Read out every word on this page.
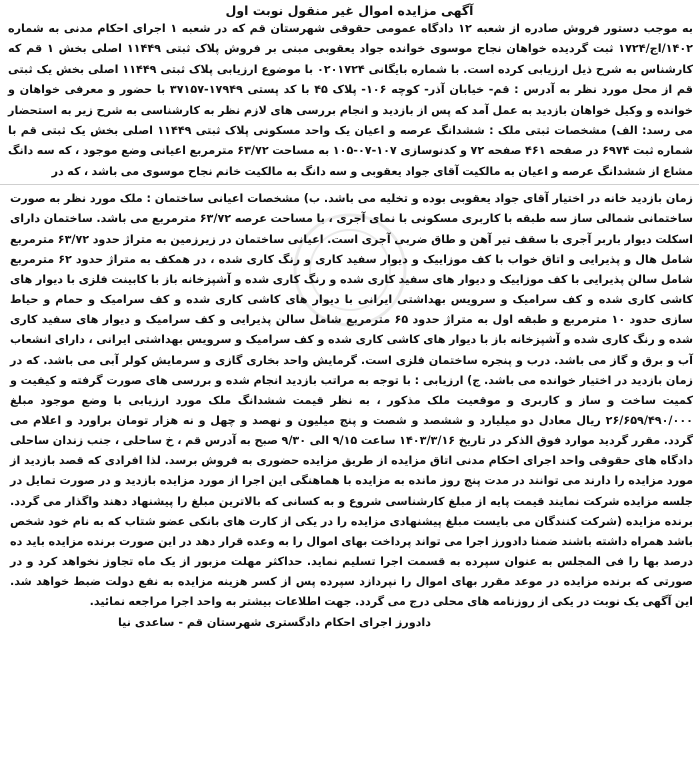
آگهی مزایده اموال غیر منقول نوبت اول
به موجب دستور فروش صادره از شعبه ۱۲ دادگاه عمومی حقوقی شهرستان قم که در شعبه ۱ اجرای احکام مدنی به شماره ۱۴۰۲/اج/۱۷۲۴ ثبت گردیده خواهان نجاح موسوی خوانده جواد یعقوبی مبنی بر فروش پلاک ثبتی ۱۱۴۴۹ اصلی بخش ۱ قم که کارشناس به شرح ذیل ارزیابی کرده است. با شماره بایگانی ۰۲۰۱۷۲۴ با موضوع ارزیابی پلاک ثبتی ۱۱۴۴۹ اصلی بخش یک ثبتی قم از محل مورد نظر به آدرس : قم- خیابان آذر- کوچه ۱۰۶- پلاک ۴۵ با کد پستی ۱۷۹۴۹-۳۷۱۵۷ با حضور و معرفی خواهان و خوانده و وکیل خواهان بازدید به عمل آمد که پس از بازدید و انجام بررسی های لازم نظر به کارشناسی به شرح زیر به استحضار می رسد: الف) مشخصات ثبتی ملک : ششدانگ عرصه و اعیان یک واحد مسکونی پلاک ثبتی ۱۱۴۴۹ اصلی بخش یک ثبتی قم با شماره ثبت ۶۹۷۴ در صفحه ۴۶۱ صفحه ۷۲ و کدنوسازی ۱۰۷-۰۷-۱۰۵ به مساحت ۶۳/۷۲ مترمربع اعیانی وضع موجود ، که سه دانگ مشاع از ششدانگ عرصه و اعیان به مالکیت آقای جواد یعقوبی و سه دانگ به مالکیت خانم نجاح موسوی می باشد ، که در
زمان بازدید خانه در اختیار آقای جواد یعقوبی بوده و تخلیه می باشد. ب) مشخصات اعیانی ساختمان : ملک مورد نظر به صورت ساختمانی شمالی ساز سه طبقه با کاربری مسکونی با نمای آجری ، با مساحت عرصه ۶۳/۷۲ مترمربع می باشد. ساختمان دارای اسکلت دیوار باربر آجری با سقف تیر آهن و طاق ضربی آجری است. اعیانی ساختمان در زیرزمین به متراژ حدود ۶۳/۷۲ مترمربع شامل هال و پذیرایی و اتاق خواب با کف موزاییک و دیوار سفید کاری و رنگ کاری شده ، در همکف به متراژ حدود ۶۲ مترمربع شامل سالن پذیرایی با کف موزاییک و دیوار های سفید کاری شده و رنگ کاری شده و آشپزخانه باز با کابینت فلزی با دیوار های کاشی کاری شده و کف سرامیک و سرویس بهداشتی ایرانی با دیوار های کاشی کاری شده و کف سرامیک و حمام و حیاط سازی حدود ۱۰ مترمربع و طبقه اول به متراژ حدود ۶۵ مترمربع شامل سالن پذیرایی و کف سرامیک و دیوار های سفید کاری شده و رنگ کاری شده و آشپزخانه باز با دیوار های کاشی کاری شده و کف سرامیک و سرویس بهداشتی ایرانی ، دارای انشعاب آب و برق و گاز می باشد. درب و پنجره ساختمان فلزی است. گرمایش واحد بخاری گازی و سرمایش کولر آبی می باشد. که در زمان بازدید در اختیار خوانده می باشد. ج) ارزیابی : با توجه به مراتب بازدید انجام شده و بررسی های صورت گرفته و کیفیت و کمیت ساخت و ساز و کاربری و موقعیت ملک مذکور ، به نظر قیمت ششدانگ ملک مورد ارزیابی با وضع موجود مبلغ ۲۶/۶۵۹/۴۹۰/۰۰۰ ریال معادل دو میلیارد و ششصد و شصت و پنج میلیون و نهصد و چهل و نه هزار تومان براورد و اعلام می گردد. مقرر گردید موارد فوق الذکر در تاریخ ۱۴۰۳/۳/۱۶ ساعت ۹/۱۵ الی ۹/۳۰ صبح به آدرس قم ، خ ساحلی ، جنب زندان ساحلی دادگاه های حقوقی واحد اجرای احکام مدنی اتاق مزایده از طریق مزایده حضوری به فروش برسد. لذا افرادی که قصد بازدید از مورد مزایده را دارند می توانند در مدت پنج روز مانده به مزایده با هماهنگی این اجرا از مورد مزایده بازدید و در صورت تمایل در جلسه مزایده شرکت نمایند قیمت پایه از مبلغ کارشناسی شروع و به کسانی که بالاترین مبلغ را پیشنهاد دهند واگذار می گردد. برنده مزایده (شرکت کنندگان می بایست مبلغ پیشنهادی مزایده را در یکی از کارت های بانکی عضو شتاب که به نام خود شخص باشد همراه داشته باشند ضمنا دادورز اجرا می تواند پرداخت بهای اموال را به وعده قرار دهد در این صورت برنده مزایده باید ده درصد بها را فی المجلس به عنوان سپرده به قسمت اجرا تسلیم نماید. حداکثر مهلت مزبور از یک ماه تجاوز نخواهد کرد و در صورتی که برنده مزایده در موعد مقرر بهای اموال را نپردازد سپرده پس از کسر هزینه مزایده به نفع دولت ضبط خواهد شد. این آگهی یک نوبت در یکی از روزنامه های محلی درج می گردد. جهت اطلاعات بیشتر به واحد اجرا مراجعه نمائید.
دادورز اجرای احکام دادگستری شهرستان قم - ساعدی نیا
